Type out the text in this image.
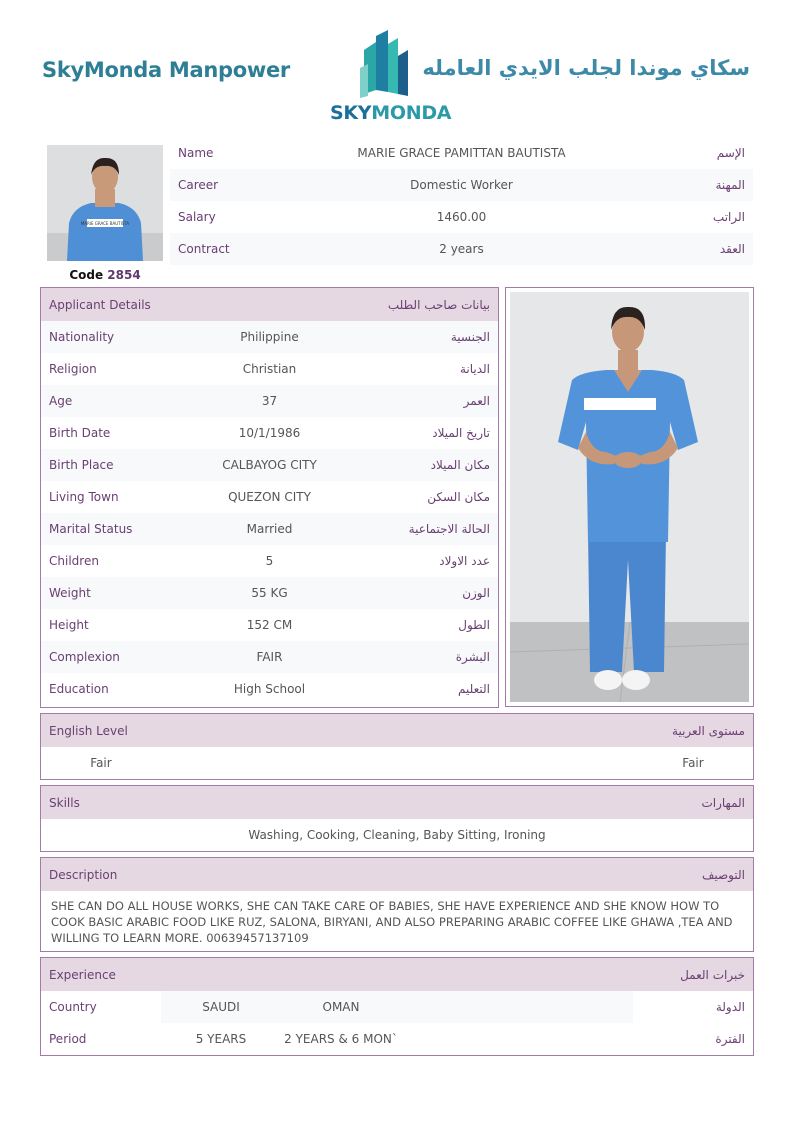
SkyMonda Manpower
SKYMONDA
سكاي موندا لجلب الايدي العامله
MARIE GRACE BAUTISTA
Code 2854
Name	MARIE GRACE PAMITTAN BAUTISTA	الإسم
Career	Domestic Worker	المهنة
Salary	1460.00	الراتب
Contract	2 years	العقد
Applicant Details	بيانات صاحب الطلب
Nationality	Philippine	الجنسية
Religion	Christian	الديانة
Age	37	العمر
Birth Date	10/1/1986	تاريخ الميلاد
Birth Place	CALBAYOG CITY	مكان الميلاد
Living Town	QUEZON CITY	مكان السكن
Marital Status	Married	الحالة الاجتماعية
Children	5	عدد الاولاد
Weight	55 KG	الوزن
Height	152 CM	الطول
Complexion	FAIR	البشرة
Education	High School	التعليم
English Level	مستوى العربية
Fair	Fair
Skills	المهارات
Washing, Cooking, Cleaning, Baby Sitting, Ironing
Description	التوصيف
SHE CAN DO ALL HOUSE WORKS, SHE CAN TAKE CARE OF BABIES, SHE HAVE EXPERIENCE AND SHE KNOW HOW TO COOK BASIC ARABIC FOOD LIKE RUZ, SALONA, BIRYANI, AND ALSO PREPARING ARABIC COFFEE LIKE GHAWA ,TEA AND WILLING TO LEARN MORE. 00639457137109
Experience	خبرات العمل
Country	SAUDI	OMAN	الدولة
Period	5 YEARS	2 YEARS & 6 MON`	الفترة
